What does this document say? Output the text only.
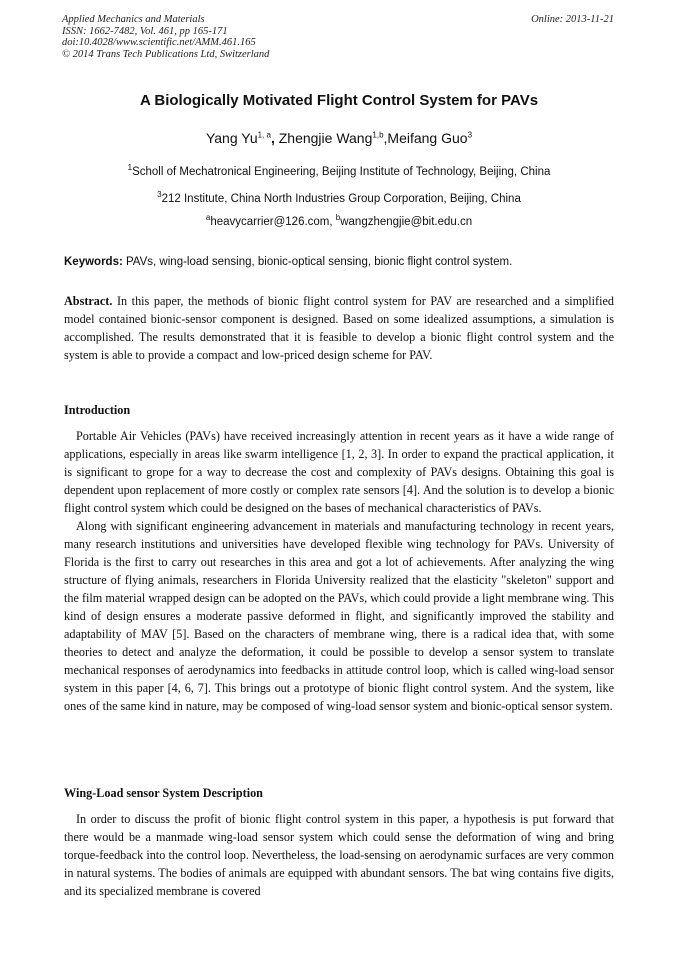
Applied Mechanics and Materials
ISSN: 1662-7482, Vol. 461, pp 165-171
doi:10.4028/www.scientific.net/AMM.461.165
© 2014 Trans Tech Publications Ltd, Switzerland
Online: 2013-11-21
A Biologically Motivated Flight Control System for PAVs
Yang Yu$^{1, a}$, Zhengjie Wang$^{1,b}$,Meifang Guo$^3$
$^1$Scholl of Mechatronical Engineering, Beijing Institute of Technology, Beijing, China
$^3$212 Institute, China North Industries Group Corporation, Beijing, China
$^a$heavycarrier@126.com, $^b$wangzhengjie@bit.edu.cn
Keywords: PAVs, wing-load sensing, bionic-optical sensing, bionic flight control system.
Abstract. In this paper, the methods of bionic flight control system for PAV are researched and a simplified model contained bionic-sensor component is designed. Based on some idealized assumptions, a simulation is accomplished. The results demonstrated that it is feasible to develop a bionic flight control system and the system is able to provide a compact and low-priced design scheme for PAV.
Introduction
Portable Air Vehicles (PAVs) have received increasingly attention in recent years as it have a wide range of applications, especially in areas like swarm intelligence [1, 2, 3]. In order to expand the practical application, it is significant to grope for a way to decrease the cost and complexity of PAVs designs. Obtaining this goal is dependent upon replacement of more costly or complex rate sensors [4]. And the solution is to develop a bionic flight control system which could be designed on the bases of mechanical characteristics of PAVs.
Along with significant engineering advancement in materials and manufacturing technology in recent years, many research institutions and universities have developed flexible wing technology for PAVs. University of Florida is the first to carry out researches in this area and got a lot of achievements. After analyzing the wing structure of flying animals, researchers in Florida University realized that the elasticity "skeleton" support and the film material wrapped design can be adopted on the PAVs, which could provide a light membrane wing. This kind of design ensures a moderate passive deformed in flight, and significantly improved the stability and adaptability of MAV [5]. Based on the characters of membrane wing, there is a radical idea that, with some theories to detect and analyze the deformation, it could be possible to develop a sensor system to translate mechanical responses of aerodynamics into feedbacks in attitude control loop, which is called wing-load sensor system in this paper [4, 6, 7]. This brings out a prototype of bionic flight control system. And the system, like ones of the same kind in nature, may be composed of wing-load sensor system and bionic-optical sensor system.
Wing-Load sensor System Description
In order to discuss the profit of bionic flight control system in this paper, a hypothesis is put forward that there would be a manmade wing-load sensor system which could sense the deformation of wing and bring torque-feedback into the control loop. Nevertheless, the load-sensing on aerodynamic surfaces are very common in natural systems. The bodies of animals are equipped with abundant sensors. The bat wing contains five digits, and its specialized membrane is covered
